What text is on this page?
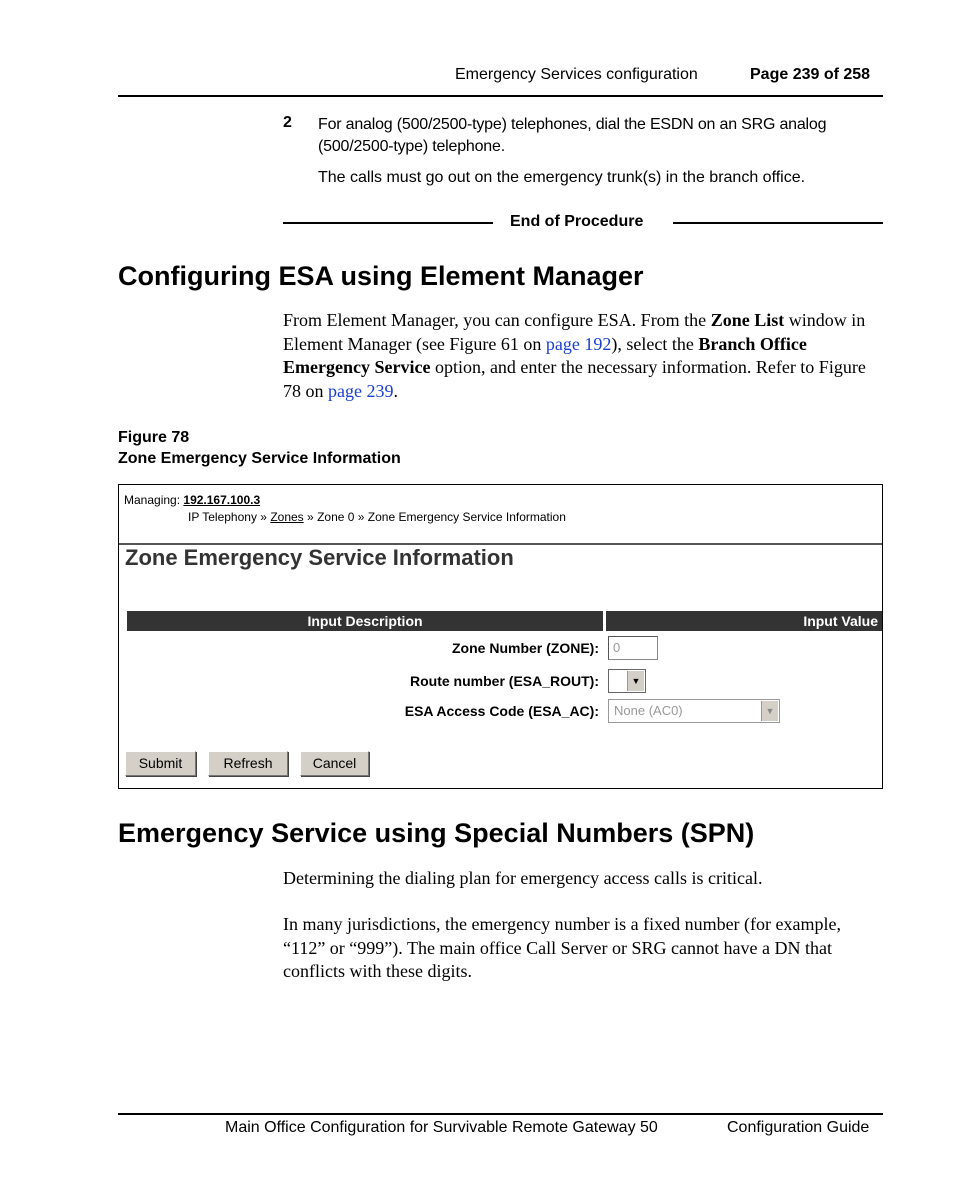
Emergency Services configuration	Page 239 of 258
2 For analog (500/2500-type) telephones, dial the ESDN on an SRG analog (500/2500-type) telephone.
The calls must go out on the emergency trunk(s) in the branch office.
End of Procedure
Configuring ESA using Element Manager
From Element Manager, you can configure ESA. From the Zone List window in Element Manager (see Figure 61 on page 192), select the Branch Office Emergency Service option, and enter the necessary information. Refer to Figure 78 on page 239.
Figure 78
Zone Emergency Service Information
Managing: 192.167.100.3
IP Telephony » Zones » Zone 0 » Zone Emergency Service Information
Zone Emergency Service Information
Input Description	Input Value
Zone Number (ZONE):	0
Route number (ESA_ROUT):	▼
ESA Access Code (ESA_AC):	None (AC0)	▼
Submit	Refresh	Cancel
Emergency Service using Special Numbers (SPN)
Determining the dialing plan for emergency access calls is critical.
In many jurisdictions, the emergency number is a fixed number (for example, “112” or “999”). The main office Call Server or SRG cannot have a DN that conflicts with these digits.
Main Office Configuration for Survivable Remote Gateway 50	Configuration Guide
